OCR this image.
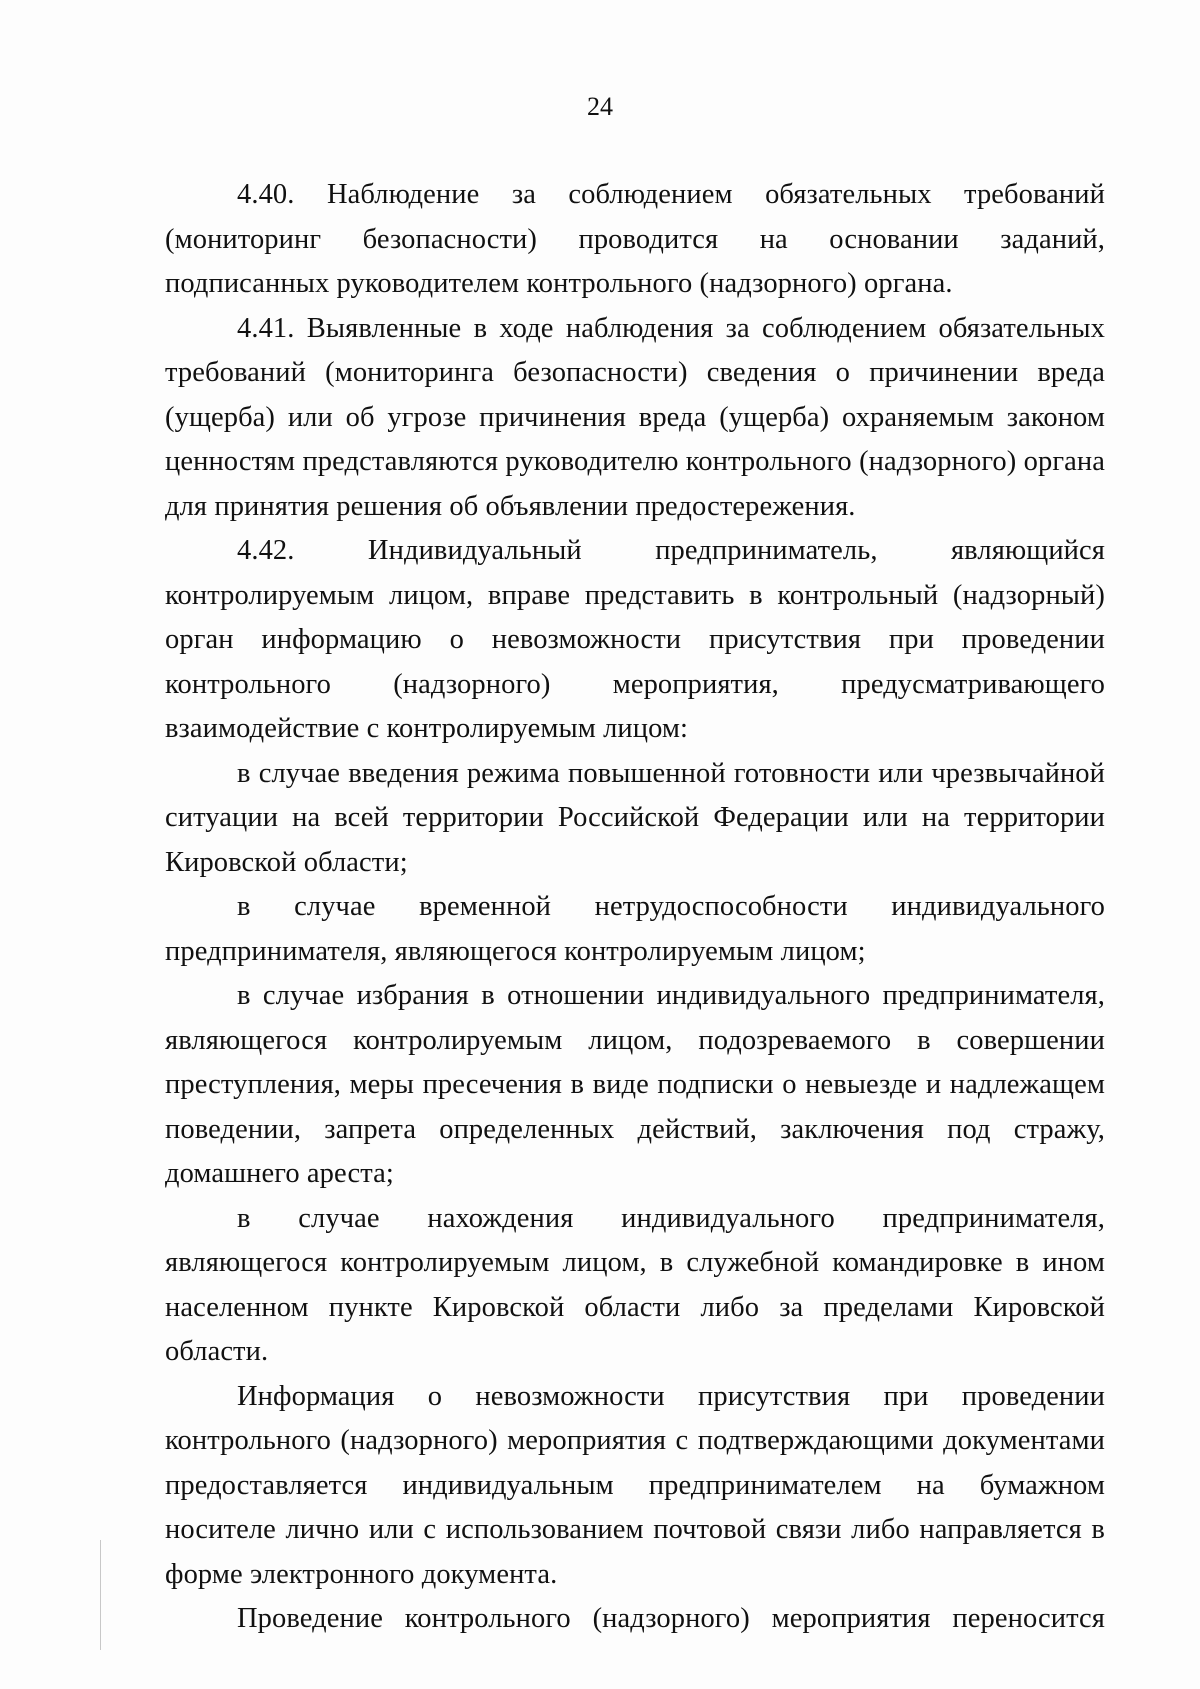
24

4.40. Наблюдение за соблюдением обязательных требований (мониторинг безопасности) проводится на основании заданий, подписанных руководителем контрольного (надзорного) органа.

4.41. Выявленные в ходе наблюдения за соблюдением обязательных требований (мониторинга безопасности) сведения о причинении вреда (ущерба) или об угрозе причинения вреда (ущерба) охраняемым законом ценностям представляются руководителю контрольного (надзорного) органа для принятия решения об объявлении предостережения.

4.42. Индивидуальный предприниматель, являющийся контролируемым лицом, вправе представить в контрольный (надзорный) орган информацию о невозможности присутствия при проведении контрольного (надзорного) мероприятия, предусматривающего взаимодействие с контролируемым лицом:

в случае введения режима повышенной готовности или чрезвычайной ситуации на всей территории Российской Федерации или на территории Кировской области;

в случае временной нетрудоспособности индивидуального предпринимателя, являющегося контролируемым лицом;

в случае избрания в отношении индивидуального предпринимателя, являющегося контролируемым лицом, подозреваемого в совершении преступления, меры пресечения в виде подписки о невыезде и надлежащем поведении, запрета определенных действий, заключения под стражу, домашнего ареста;

в случае нахождения индивидуального предпринимателя, являющегося контролируемым лицом, в служебной командировке в ином населенном пункте Кировской области либо за пределами Кировской области.

Информация о невозможности присутствия при проведении контрольного (надзорного) мероприятия с подтверждающими документами предоставляется индивидуальным предпринимателем на бумажном носителе лично или с использованием почтовой связи либо направляется в форме электронного документа.

Проведение контрольного (надзорного) мероприятия переносится
